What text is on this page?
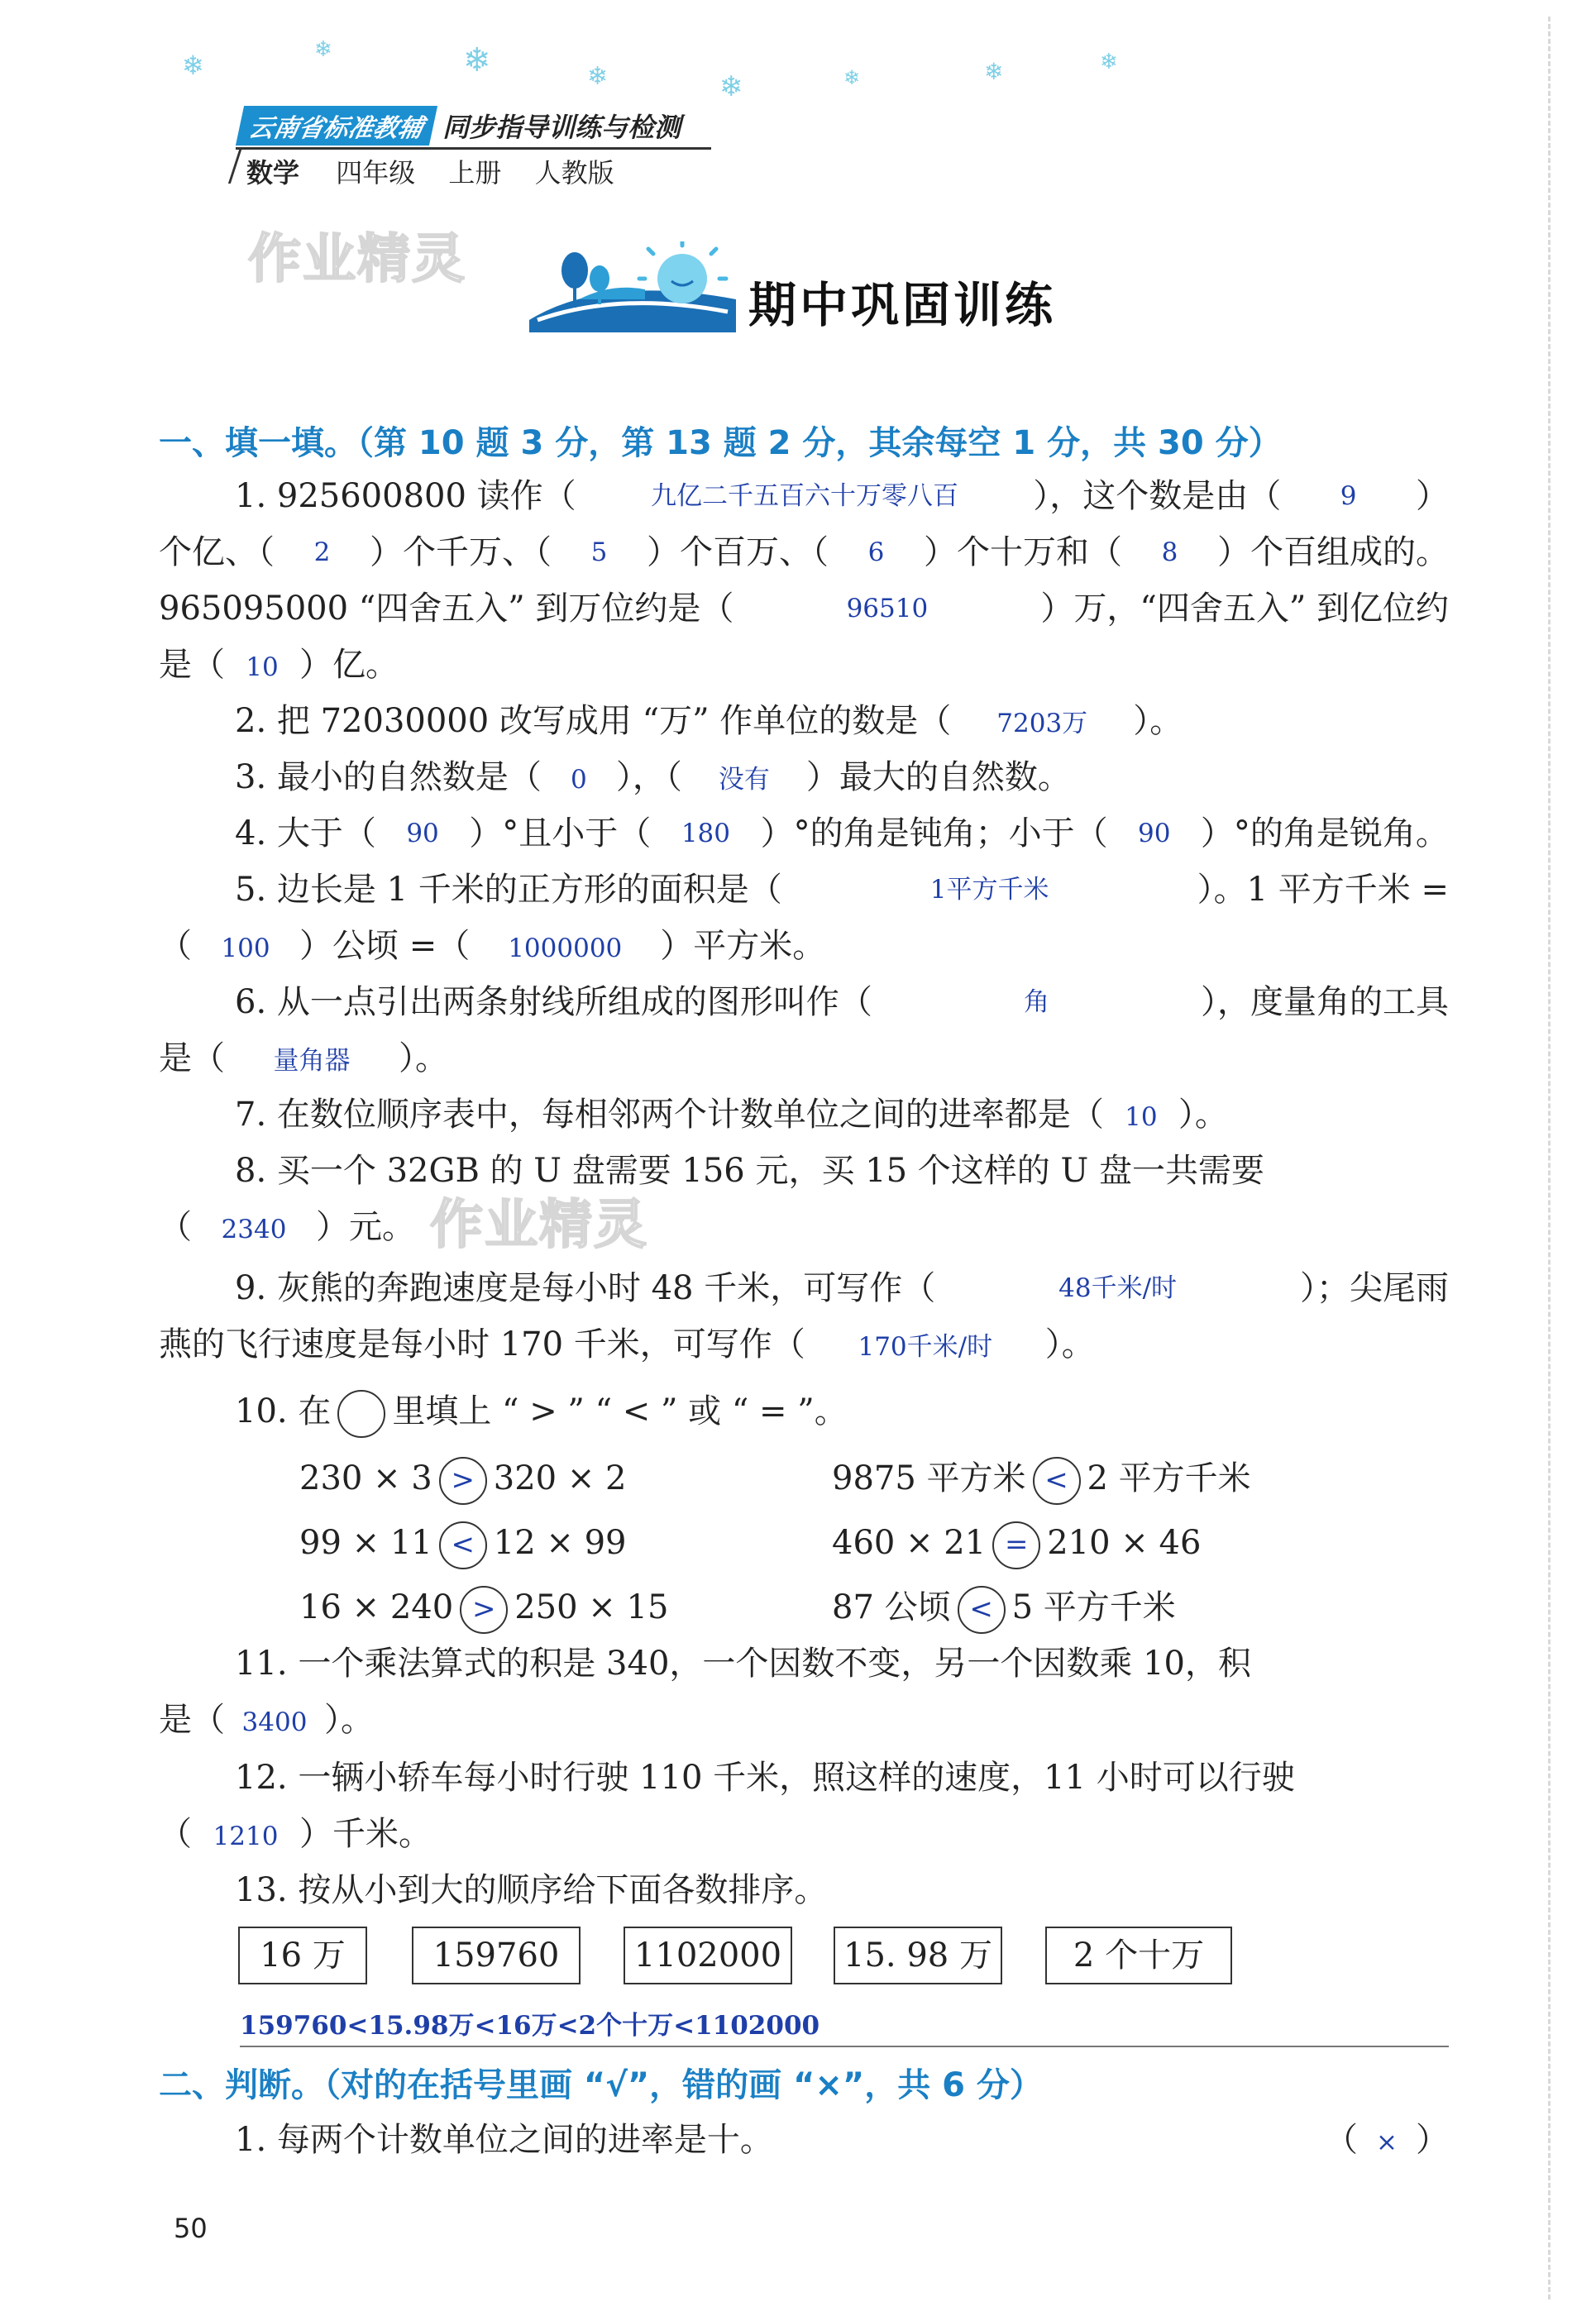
❄	❄	❄	❄	❄	❄	❄	❄
云南省标准教辅 同步指导训练与检测
数学 四年级 上册 人教版
作业精灵
作业精灵
期中巩固训练
一、填一填。（第 10 题 3 分，第 13 题 2 分，其余每空 1 分，共 30 分）
1. 925600800 读作（	九亿二千五百六十万零八百	），这个数是由（	9	）
个亿、（	2	）个千万、（	5	）个百万、（	6	）个十万和（	8	）个百组成的。
965095000 “四舍五入” 到万位约是（	96510	）万，“四舍五入” 到亿位约
是（ 10 ）亿。
2. 把 72030000 改写成用 “万” 作单位的数是（ 7203万 ）。
3. 最小的自然数是（ 0 ），（ 没有 ）最大的自然数。
4. 大于（	90 ）°且小于（	180 ）°的角是钝角；小于（	90 ）°的角是锐角。
5. 边长是 1 千米的正方形的面积是（	1平方千米	）。1 平方千米 =
（ 100 ）公顷 =（ 1000000 ）平方米。
6. 从一点引出两条射线所组成的图形叫作（	角	），度量角的工具
是（ 量角器 ）。
7. 在数位顺序表中，每相邻两个计数单位之间的进率都是（ 10 ）。
8. 买一个 32GB 的 U 盘需要 156 元，买 15 个这样的 U 盘一共需要
（ 2340 ）元。
9. 灰熊的奔跑速度是每小时 48 千米，可写作（	48千米/时	）；尖尾雨
燕的飞行速度是每小时 170 千米，可写作（ 170千米/时 ）。
10. 在 里填上 “ > ” “ < ” 或 “ = ”。
230 × 3 > 320 × 2	9875 平方米 < 2 平方千米
99 × 11 < 12 × 99	460 × 21 = 210 × 46
16 × 240 > 250 × 15	87 公顷 < 5 平方千米
11. 一个乘法算式的积是 340，一个因数不变，另一个因数乘 10，积
是（ 3400 ）。
12. 一辆小轿车每小时行驶 110 千米，照这样的速度，11 小时可以行驶
（ 1210 ）千米。
13. 按从小到大的顺序给下面各数排序。
16 万	159760	1102000	15. 98 万	2 个十万
159760<15.98万<16万<2个十万<1102000
二、判断。（对的在括号里画 “√”，错的画 “×”，共 6 分）
1. 每两个计数单位之间的进率是十。	（ × ）
50
